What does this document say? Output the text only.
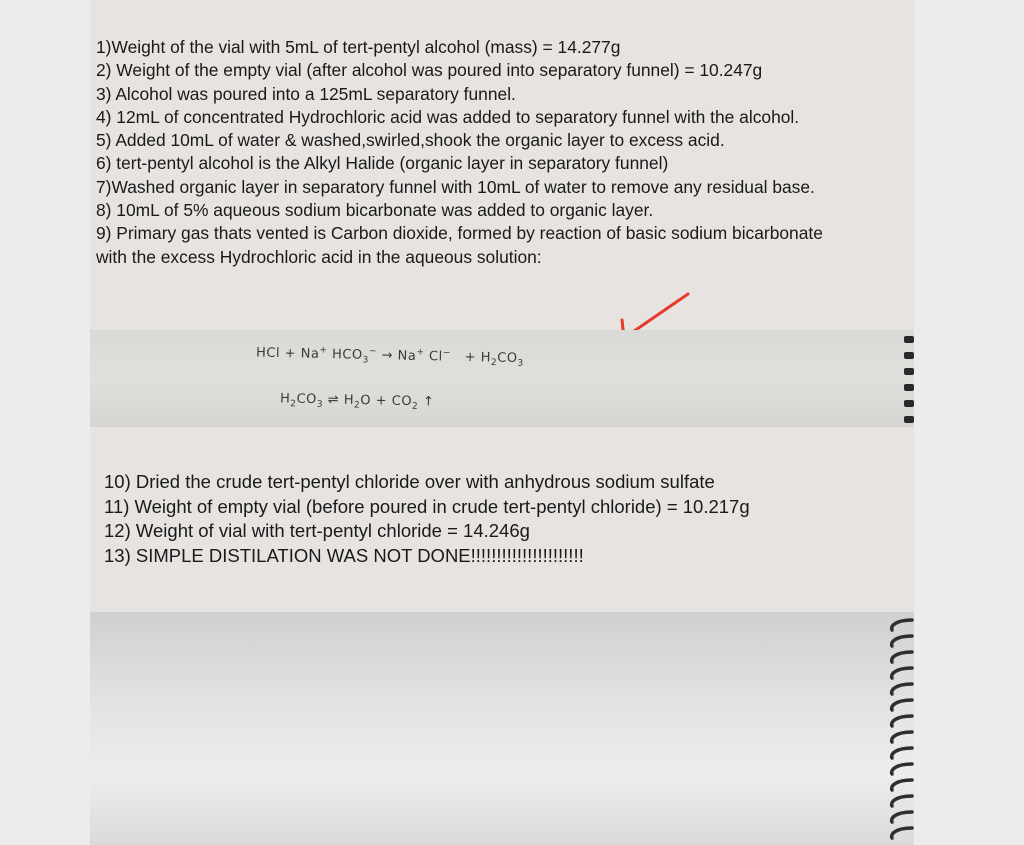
1)Weight of the vial with 5mL of tert-pentyl alcohol (mass) = 14.277g
2) Weight of the empty vial (after alcohol was poured into separatory funnel) = 10.247g
3) Alcohol was poured into a 125mL separatory funnel.
4) 12mL of concentrated Hydrochloric acid was added to separatory funnel with the alcohol.
5) Added 10mL of water & washed,swirled,shook the organic layer to excess acid.
6) tert-pentyl alcohol is the Alkyl Halide (organic layer in separatory funnel)
7)Washed organic layer in separatory funnel with 10mL of water to remove any residual base.
8) 10mL of 5% aqueous sodium bicarbonate was added to organic layer.
9) Primary gas thats vented is Carbon dioxide, formed by reaction of basic sodium bicarbonate with the excess Hydrochloric acid in the aqueous solution:
HCl + Na+ $HCO_3^- \to Na^+$ $Cl^- + H_2CO_3$
$H_2CO_3$ ⇌ $H_2O + CO_2$ ↑
10) Dried the crude tert-pentyl chloride over with anhydrous sodium sulfate
11) Weight of empty vial (before poured in crude tert-pentyl chloride) = 10.217g
12) Weight of vial with tert-pentyl chloride = 14.246g
13) SIMPLE DISTILATION WAS NOT DONE!!!!!!!!!!!!!!!!!!!!!!
